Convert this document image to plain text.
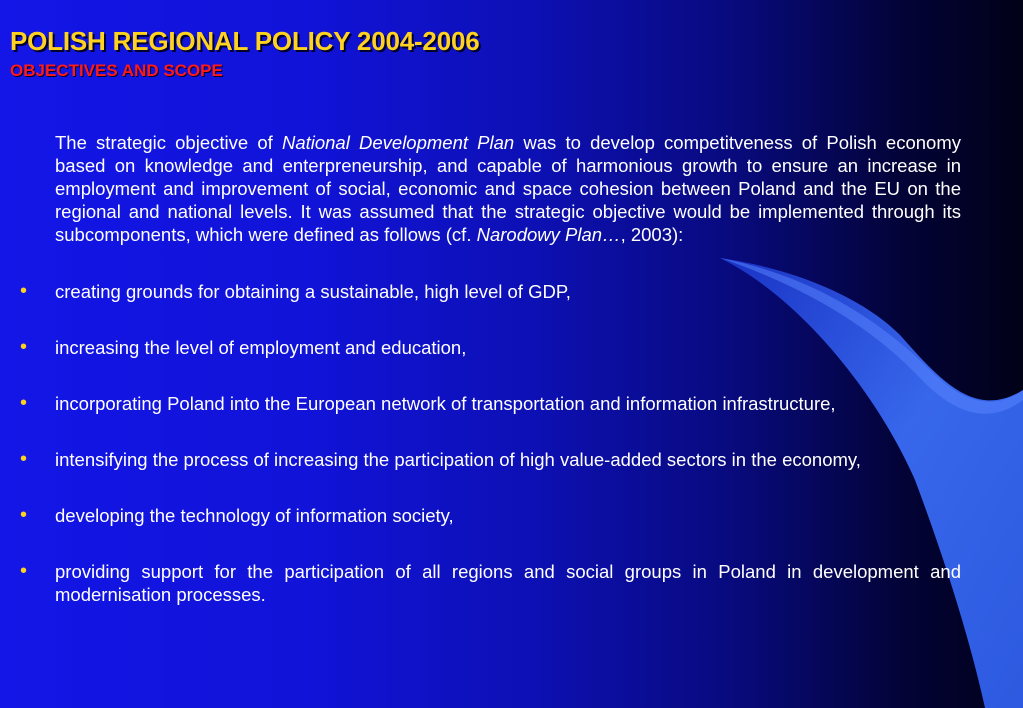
POLISH REGIONAL POLICY 2004-2006
OBJECTIVES AND SCOPE

The strategic objective of National Development Plan was to develop competitveness of Polish economy based on knowledge and enterpreneurship, and capable of harmonious growth to ensure an increase in employment and improvement of social, economic and space cohesion between Poland and the EU on the regional and national levels. It was assumed that the strategic objective would be implemented through its subcomponents, which were defined as follows (cf. Narodowy Plan…, 2003):

• creating grounds for obtaining a sustainable, high level of GDP,
• increasing the level of employment and education,
• incorporating Poland into the European network of transportation and information infrastructure,
• intensifying the process of increasing the participation of high value-added sectors in the economy,
• developing the technology of information society,
• providing support for the participation of all regions and social groups in Poland in development and modernisation processes.
